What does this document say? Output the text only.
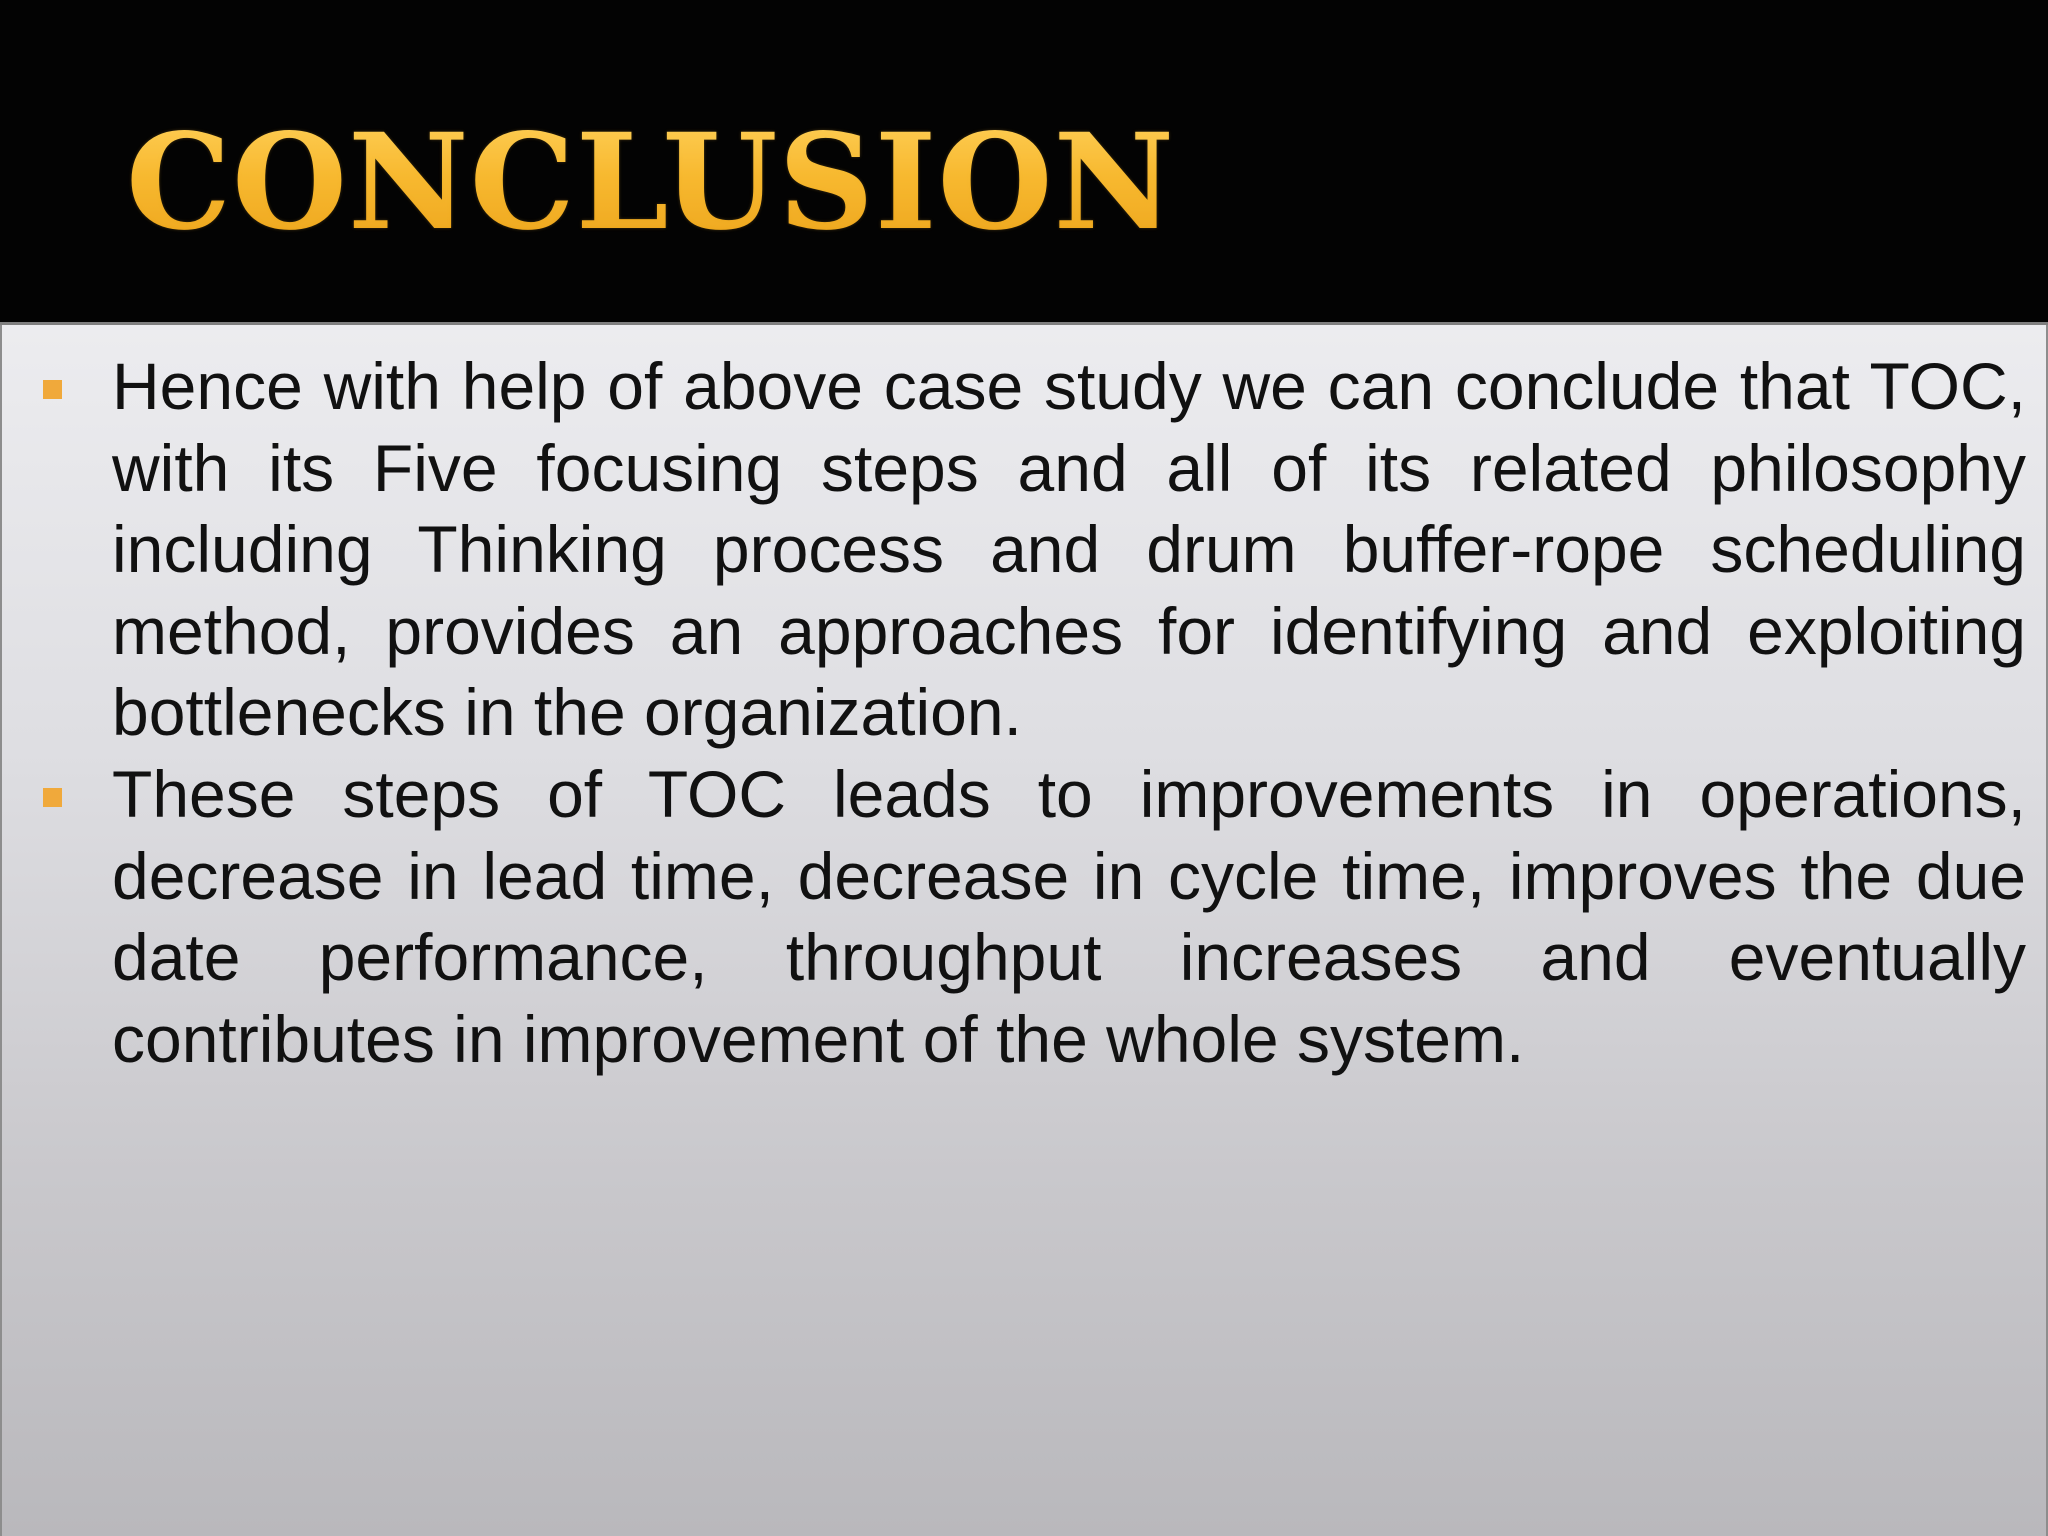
CONCLUSION
Hence with help of above case study we can conclude that TOC, with its Five focusing steps and all of its related philosophy including Thinking process and drum buffer-rope scheduling method, provides an approaches for identifying and exploiting bottlenecks in the organization.
These steps of TOC leads to improvements in operations, decrease in lead time, decrease in cycle time, improves the due date performance, throughput increases and eventually contributes in improvement of the whole system.
